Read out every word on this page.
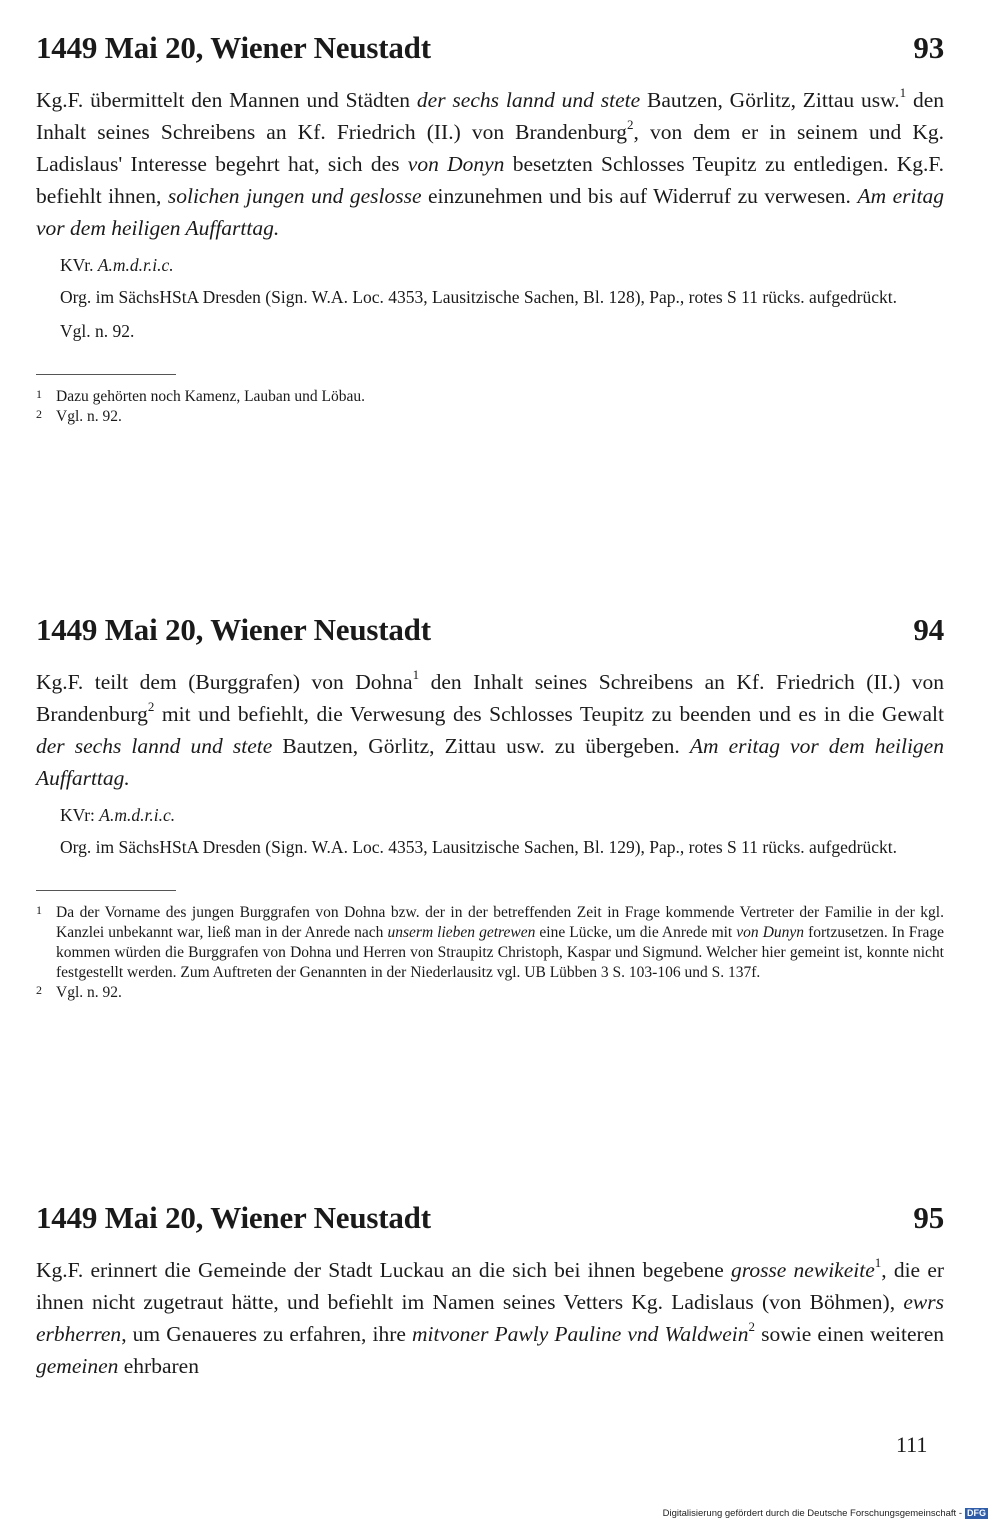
1449 Mai 20, Wiener Neustadt	93

Kg.F. übermittelt den Mannen und Städten der sechs lannd und stete Bautzen, Görlitz, Zittau usw.$^1$ den Inhalt seines Schreibens an Kf. Friedrich (II.) von Brandenburg$^2$, von dem er in seinem und Kg. Ladislaus' Interesse begehrt hat, sich des von Donyn besetzten Schlosses Teupitz zu entledigen. Kg.F. befiehlt ihnen, solichen jungen und geslosse einzunehmen und bis auf Widerruf zu verwesen. Am eritag vor dem heiligen Auffarttag.

KVr. A.m.d.r.i.c.
Org. im SächsHStA Dresden (Sign. W.A. Loc. 4353, Lausitzische Sachen, Bl. 128), Pap., rotes S 11 rücks. aufgedrückt.
Vgl. n. 92.
1 Dazu gehörten noch Kamenz, Lauban und Löbau.
2 Vgl. n. 92.
1449 Mai 20, Wiener Neustadt	94

Kg.F. teilt dem (Burggrafen) von Dohna$^1$ den Inhalt seines Schreibens an Kf. Friedrich (II.) von Brandenburg$^2$ mit und befiehlt, die Verwesung des Schlosses Teupitz zu beenden und es in die Gewalt der sechs lannd und stete Bautzen, Görlitz, Zittau usw. zu übergeben. Am eritag vor dem heiligen Auffarttag.

KVr: A.m.d.r.i.c.
Org. im SächsHStA Dresden (Sign. W.A. Loc. 4353, Lausitzische Sachen, Bl. 129), Pap., rotes S 11 rücks. aufgedrückt.
1 Da der Vorname des jungen Burggrafen von Dohna bzw. der in der betreffenden Zeit in Frage kommende Vertreter der Familie in der kgl. Kanzlei unbekannt war, ließ man in der Anrede nach unserm lieben getrewen eine Lücke, um die Anrede mit von Dunyn fortzusetzen. In Frage kommen würden die Burggrafen von Dohna und Herren von Straupitz Christoph, Kaspar und Sigmund. Welcher hier gemeint ist, konnte nicht festgestellt werden. Zum Auftreten der Genannten in der Niederlausitz vgl. UB Lübben 3 S. 103-106 und S. 137f.
2 Vgl. n. 92.
1449 Mai 20, Wiener Neustadt	95

Kg.F. erinnert die Gemeinde der Stadt Luckau an die sich bei ihnen begebene grosse newikeite$^1$, die er ihnen nicht zugetraut hätte, und befiehlt im Namen seines Vetters Kg. Ladislaus (von Böhmen), ewrs erbherren, um Genaueres zu erfahren, ihre mitvoner Pawly Pauline vnd Waldwein$^2$ sowie einen weiteren gemeinen ehrbaren

111
Digitalisierung gefördert durch die Deutsche Forschungsgemeinschaft - DFG
